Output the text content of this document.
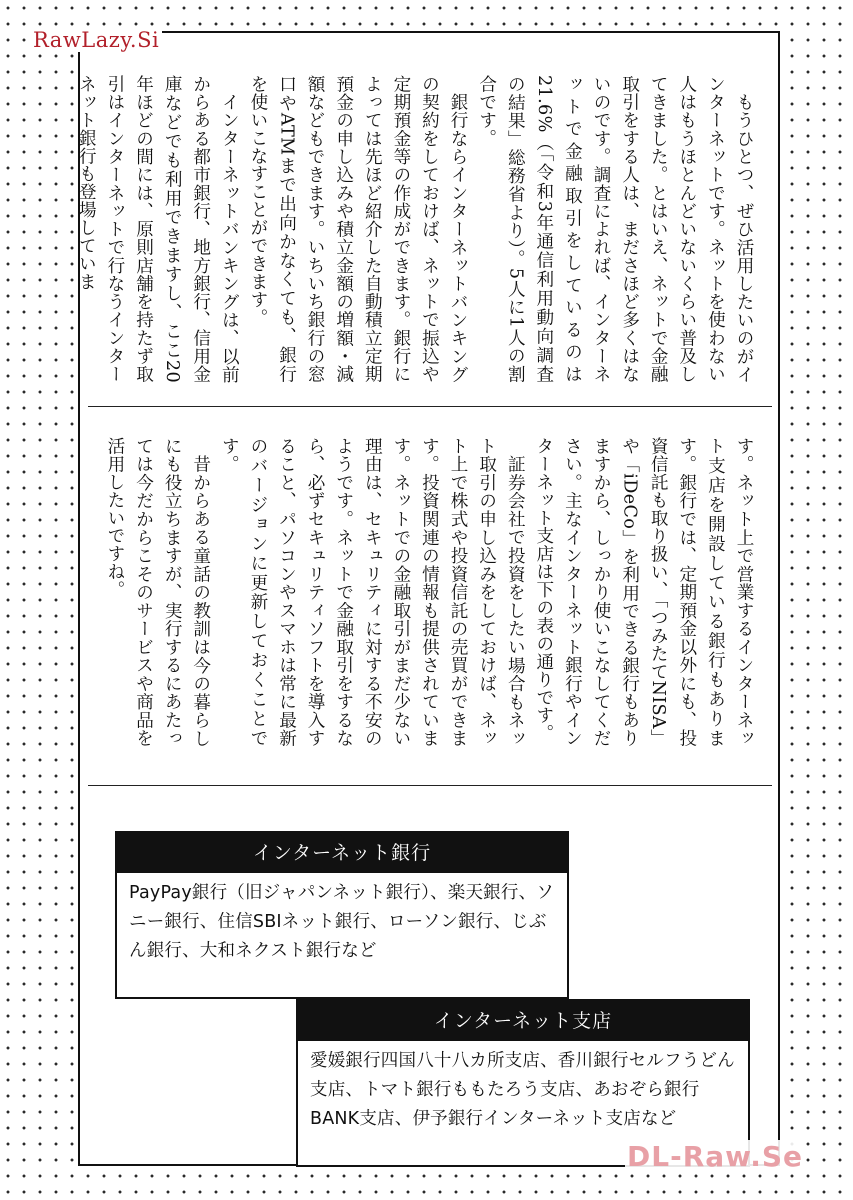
RawLazy.Si

もうひとつ、ぜひ活用したいのがインターネットです。ネットを使わない人はもうほとんどいないくらい普及してきました。とはいえ、ネットで金融取引をする人は、まださほど多くはないのです。調査によれば、インターネットで金融取引をしているのは21.6%（「令和3年通信利用動向調査の結果」総務省より）。5人に1人の割合です。

銀行ならインターネットバンキングの契約をしておけば、ネットで振込や定期預金等の作成ができます。銀行によっては先ほど紹介した自動積立定期預金の申し込みや積立金額の増額・減額などもできます。いちいち銀行の窓口やATMまで出向かなくても、銀行を使いこなすことができます。

インターネットバンキングは、以前からある都市銀行、地方銀行、信用金庫などでも利用できますし、ここ20年ほどの間には、原則店舗を持たず取引はインターネットで行なうインターネット銀行も登場していま

す。ネット上で営業するインターネット支店を開設している銀行もあります。銀行では、定期預金以外にも、投資信託も取り扱い、「つみたてNISA」や「iDeCo」を利用できる銀行もありますから、しっかり使いこなしてください。主なインターネット銀行やインターネット支店は下の表の通りです。

証券会社で投資をしたい場合もネット取引の申し込みをしておけば、ネット上で株式や投資信託の売買ができます。投資関連の情報も提供されています。ネットでの金融取引がまだ少ない理由は、セキュリティに対する不安のようです。ネットで金融取引をするなら、必ずセキュリティソフトを導入すること、パソコンやスマホは常に最新のバージョンに更新しておくことです。

昔からある童話の教訓は今の暮らしにも役立ちますが、実行するにあたっては今だからこそのサービスや商品を活用したいですね。

インターネット銀行
PayPay銀行（旧ジャパンネット銀行）、楽天銀行、ソニー銀行、住信SBIネット銀行、ローソン銀行、じぶん銀行、大和ネクスト銀行など
インターネット支店
愛媛銀行四国八十八カ所支店、香川銀行セルフうどん支店、トマト銀行ももたろう支店、あおぞら銀行BANK支店、伊予銀行インターネット支店など
DL-Raw.Se
